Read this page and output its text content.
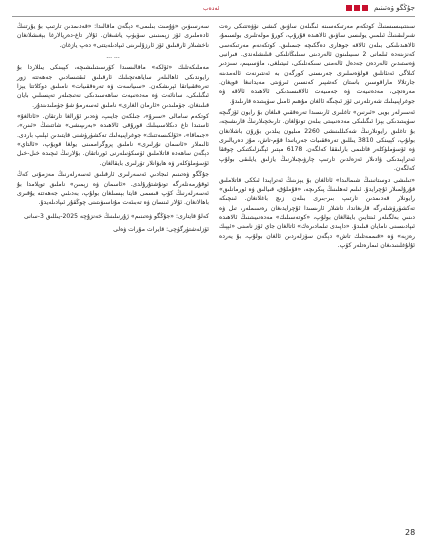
ئەدەب	جۇڭگو ۋەتىنىم

سىنتىيىسىسنىڭ كوتكەم مەرتىكەسىنە ئىگىلەن ساۋىق كىشى نۆۋەتتىكى رەت شىرلىقىنىڭ ئىلمىي يولىسى ساۋىق ئالاھىدە قۇرۇپ، كورۇ مولەتلىرى بولسىمۇ، ئالاھىدىلىكى بىلەن ئالاقە جوھارى دەگكىچە جىمىلىق. كوتكەنەم مەرتىكەسى كەنزىنەدە ئىلمانى 2 سىيىلىنون ئالەردىنى سىلىڭانلىكى قىلىشلەندى. فىرانبى ۋەستىدىن ئالەردەن جەدەل ئالەمنى سىكەنلىكى، ئىيتىلغى، ماۋسىيىم، سىزدىر كىلاگى ئەنئانلىق قولۋەسلىرى جەرىسنى كورگەن بە ئەنتىرنەت ئالەمدىنە جارتلالا ماراقوسىن باستان كەشپىر كەنسىن ئىرۋىتى مەيدانىغا قويغان. مەرەتچى، مەدەنىيەت ۋە جەمىيەت ئالاقىسىدىكى ئالاھىدە ئالاقە ۋە جوغراپىيىلىك شەرتلەرنى ئۆز ئىچىگە ئالغان مۇھىم ئامىل سۈپىتىدە قارىلىدۇ.

ئەسىرلەر بويى «ئىرنىن» تاغلىرى ئارىسىدا تەرەققىي قىلغان بۇ رايون ئۆزگىچە سۈيىتىدىكى يېزا ئىگىلىكى مەدەنىيىتى بىلەن تونۇلغان. تارىخچىلارنىڭ قارىشىچە، بۇ تاغلىق رايونلارنىڭ شەكىللىنىشى 2260 مىليون يىلدىن بۇرۇن باشلانغان بولۇپ، كېيىنكى 3810 يىللىق تەرەققىيات جەريانىدا قۇم-تاش، مۇز دەريالىرى ۋە ئۆسۈملۈكلەر قاتلىمى بارلىققا كەلگەن. 6178 مېتىر ئېگىزلىكتىكى چوققا ئەتراپىدىكى ۋادىلار ئەزەلدىن تارتىپ چارۋىچىلارنىڭ يازلىق يايلىقى بولۇپ كەلگەن.

«تىلىشى دوستانىنىڭ شىمالىدا» ئاتالغان بۇ يېزىنىڭ ئەتراپىدا ئىككى قاتلاملىق قۇرۇلمىلار ئۇچرايدۇ. ئىلىم ئەھلىنىڭ پىكرىچە، «قۇملۇق، قىيالىق ۋە ئورمانلىق» رايونلار قەدىمدىن تارتىپ بىر-بىرى بىلەن زىچ باغلانغان. ئىنچىكە تەكشۈرۈشلەرگە قارىغاندا، تاشلار ئارىسىدا ئۇچرايدىغان رەسىملەر، تىل ۋە دىنىي بەلگىلەر ئىنتايىن بايقالغان بولۇپ، «كوتەسىلىك» مەدەنىيىتىنىڭ ئالاھىدە ئىپادىسىنى نامايان قىلىدۇ. «داپىدى تىلمادىرەك» ئاتالغان جاي ئۆز نامىنى «ئېپىك رەزبە» ۋە «قىممەتلىك تاش» دېگەن سۆزلەردىن ئالغان بولۇپ، بۇ يەردە ئۇلۇغلىنىدىغان ئىمارەتلەر كۆپ.

سەرسىۋىن «ۋۇمىت بىلىمى» دېگەن ماقالىدا: «قەدىمدىن تارتىپ بۇ يۇرتنىڭ ئادەملىرى ئۆز زېمىنىنى سۆيۈپ ياشىغان. ئۇلار تاغ-دەريالارغا بېغىشلانغان ناخشىلار ئارقىلىق ئۆز ئارزۇلىرىنى ئىپادىلەيتتى» دەپ يازغان.

... ...

مەملىكەتلىك «ئۆلكە» ماقالىسىدا كۆرسىتىلىشىچە، كېيىنكى يىللاردا بۇ رايوندىكى ئاھالىلەر ساياھەتچىلىك ئارقىلىق ئىقتىسادىي جەھەتتە زور تەرەققىياتقا ئېرىشكەن. «سىياسەت ۋە تەرەققىيات» نامىلىق دوكلاتتا يېزا ئىگىلىكى، سانائەت ۋە مەدەنىيەت ساھەسىدىكى نەتىجىلەر تەپسىلىي بايان قىلىنغان. جۈملىدىن «ئارمان الغارى» ناملىق ئەسەرمۇ شۇ جۈملىدىندۇر.

كوتكەم سامالى «سىرۇ»، جىلكەن جايىپ، ۋەدىر ئۇرالغا تارتقان. «ئاتالغۇ» ئاستىدا تاغ دىكلاسىيىلىك قورۇقى ئالاھىدە «بەرىپىشى» شاتتىنىڭ «ئىنن»، «جىماقا»، «ئۆلكىسەتتىك» جوغراپىيەلىك تەكشۈرۈشنى قايتىدىن ئېلىپ باردى. ئالىملار «ئاسمان نۇرلىرى» ناملىق پروگراممىنى يولغا قويۇپ، «ئالتاي» دېگەن ساھەدە قاتلاملىق ئۈسكۈنىلەرنى ئورناتقان. بۇلارنىڭ ئىچىدە خىل-خىل ئۆسۈملۈكلەر ۋە ھايۋانلار تۈرلىرى بايقالغان.

جۇڭگو ۋەتىنىم ئىجادىي ئەسەرلىرى ئارقىلىق ئەسەرلەرنىڭ مەزمۇنى كەڭ ئوقۇرمەنلەرگە تونۇشتۇرۇلدى. «ئاسمان ۋە زېمىن» ناملىق توپلامدا بۇ ئەسەرلەرنىڭ كۆپ قىسمى قايتا بېسىلغان بولۇپ، بەدىئىي جەھەتتە يۇقىرى باھالانغان. ئۇلار ئىنسان ۋە تەبىئەت مۇناسىۋىتىنى چوڭقۇر ئىپادىلەيدۇ.

كەلۇ قايتارى: «جۇڭگو ۋەتىنىم» ژۇرنىلىنىڭ خەنزۇچە 2025-يىللىق 3-سانى

ئۆزلەشتۈرگۈچى: قايرات مۇرات ۋەلى

28
